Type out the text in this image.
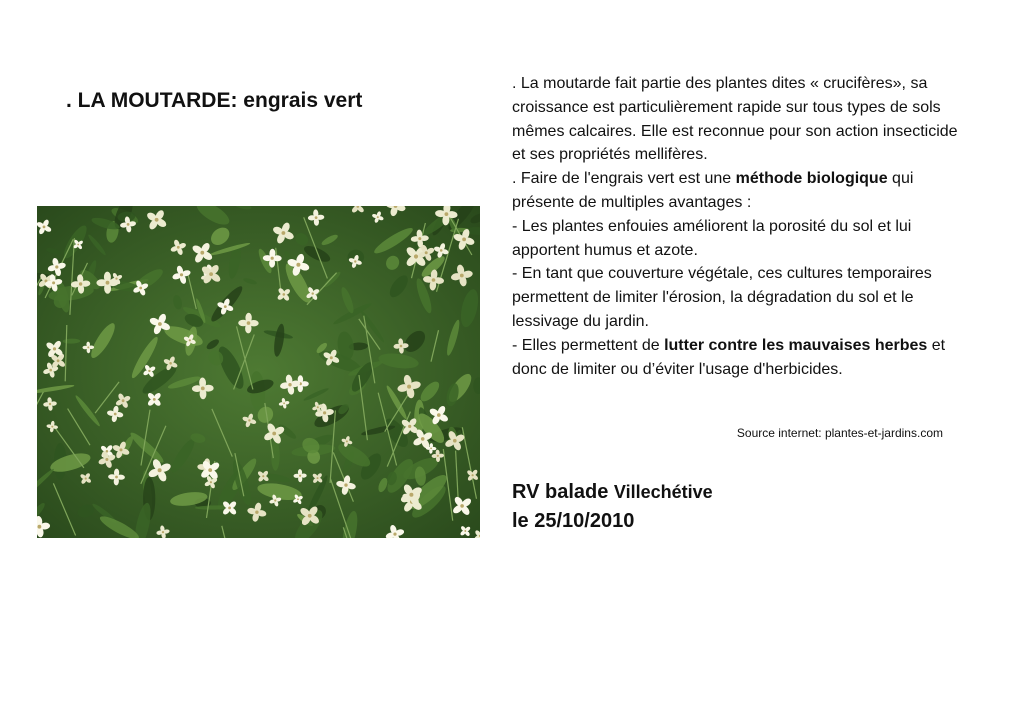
. LA MOUTARDE: engrais vert

. La moutarde fait partie des plantes dites « crucifères», sa croissance est particulièrement rapide sur tous types de sols mêmes calcaires. Elle est reconnue pour son action insecticide et ses propriétés mellifères.

. Faire de l'engrais vert est une méthode biologique qui présente de multiples avantages :

- Les plantes enfouies améliorent la porosité du sol et lui apportent humus et azote.

- En tant que couverture végétale, ces cultures temporaires permettent de limiter l'érosion, la dégradation du sol et le lessivage du jardin.

- Elles permettent de lutter contre les mauvaises herbes et donc de limiter ou d’éviter l'usage d'herbicides.

Source internet: plantes-et-jardins.com
RV balade Villechétive
le 25/10/2010
